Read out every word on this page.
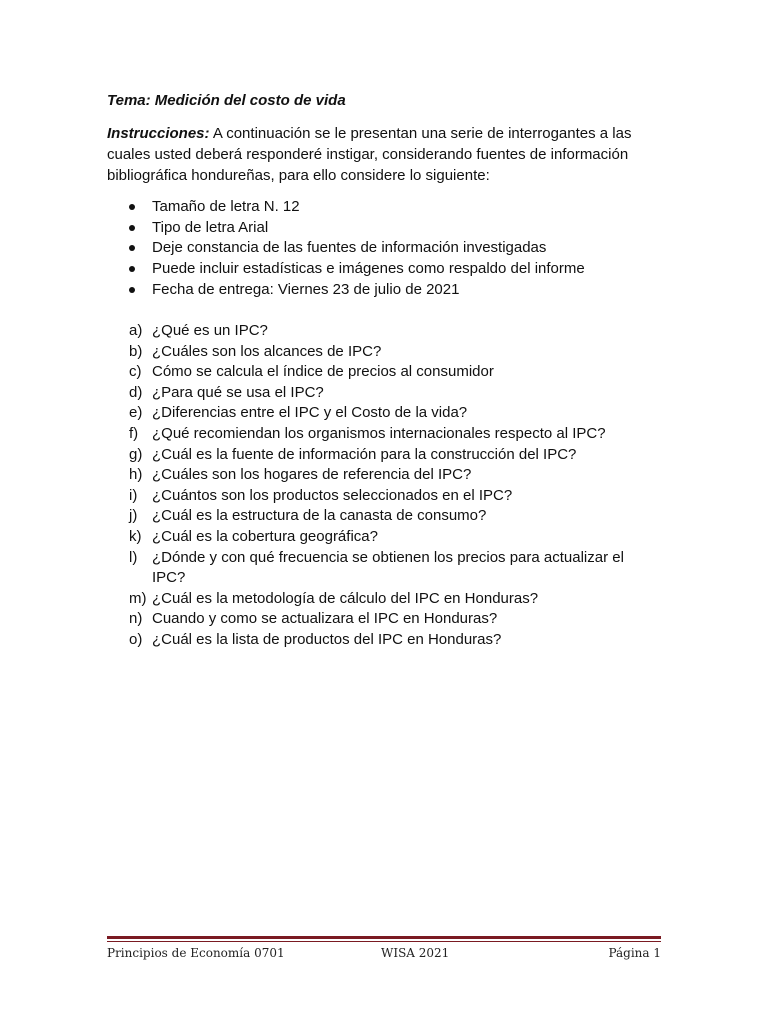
Tema: Medición del costo de vida
Instrucciones: A continuación se le presentan una serie de interrogantes a las cuales usted deberá responderé instigar, considerando fuentes de información bibliográfica hondureñas, para ello considere lo siguiente:
Tamaño de letra N. 12
Tipo de letra Arial
Deje constancia de las fuentes de información investigadas
Puede incluir estadísticas e imágenes como respaldo del informe
Fecha de entrega: Viernes 23 de julio de 2021
a) ¿Qué es un IPC?
b) ¿Cuáles son los alcances de IPC?
c) Cómo se calcula el índice de precios al consumidor
d) ¿Para qué se usa el IPC?
e) ¿Diferencias entre el IPC y el Costo de la vida?
f) ¿Qué recomiendan los organismos internacionales respecto al IPC?
g) ¿Cuál es la fuente de información para la construcción del IPC?
h) ¿Cuáles son los hogares de referencia del IPC?
i) ¿Cuántos son los productos seleccionados en el IPC?
j) ¿Cuál es la estructura de la canasta de consumo?
k) ¿Cuál es la cobertura geográfica?
l) ¿Dónde y con qué frecuencia se obtienen los precios para actualizar el IPC?
m) ¿Cuál es la metodología de cálculo del IPC en Honduras?
n) Cuando y como se actualizara el IPC en Honduras?
o) ¿Cuál es la lista de productos del IPC en Honduras?
Principios de Economía 0701	WISA 2021	Página 1
